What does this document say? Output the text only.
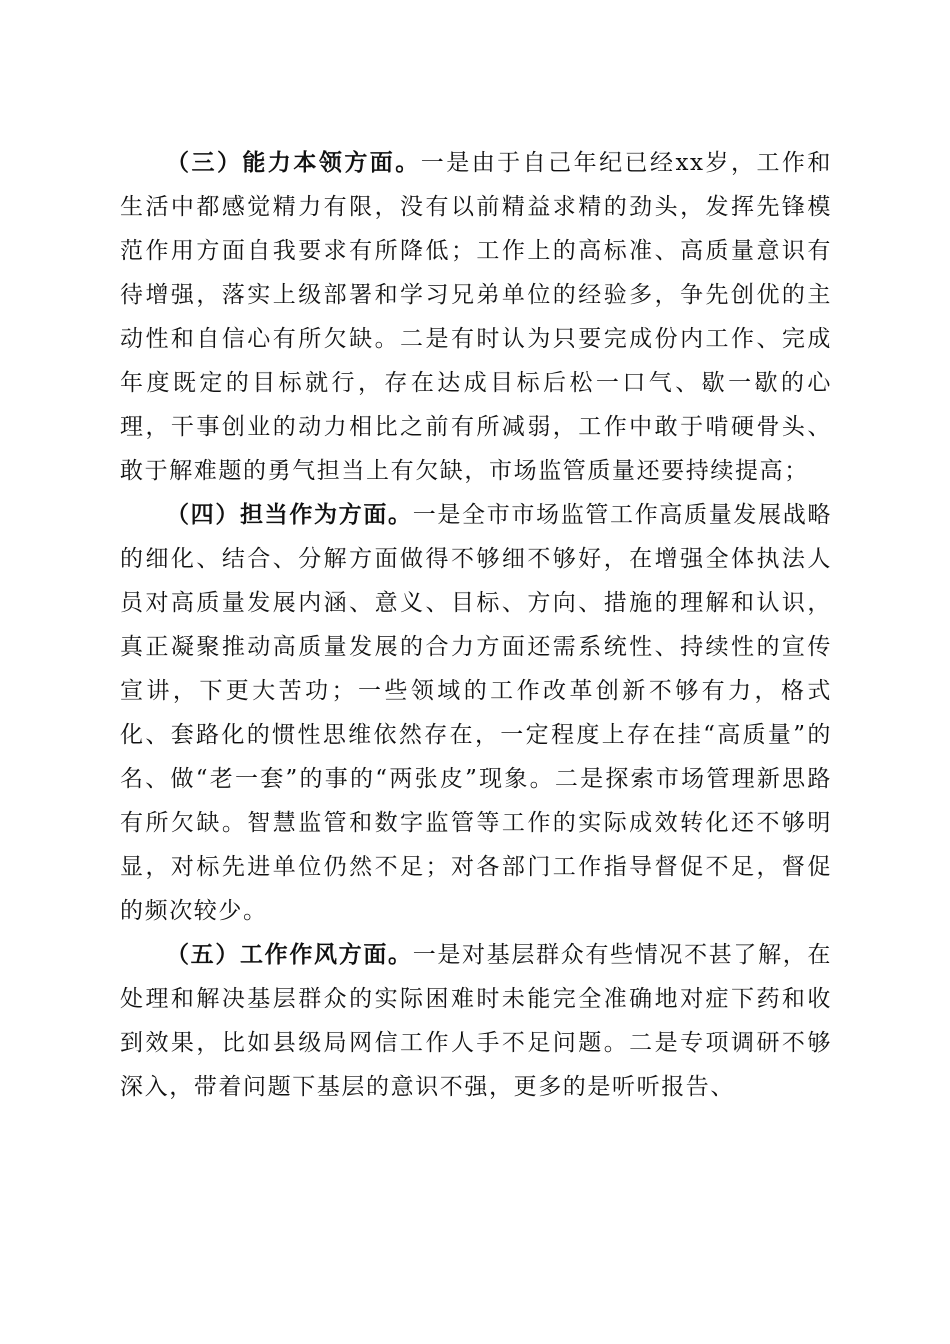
（三）能力本领方面。一是由于自己年纪已经xx岁，工作和生活中都感觉精力有限，没有以前精益求精的劲头，发挥先锋模范作用方面自我要求有所降低；工作上的高标准、高质量意识有待增强，落实上级部署和学习兄弟单位的经验多，争先创优的主动性和自信心有所欠缺。二是有时认为只要完成份内工作、完成年度既定的目标就行，存在达成目标后松一口气、歇一歇的心理，干事创业的动力相比之前有所减弱，工作中敢于啃硬骨头、敢于解难题的勇气担当上有欠缺，市场监管质量还要持续提高；

（四）担当作为方面。一是全市市场监管工作高质量发展战略的细化、结合、分解方面做得不够细不够好，在增强全体执法人员对高质量发展内涵、意义、目标、方向、措施的理解和认识，真正凝聚推动高质量发展的合力方面还需系统性、持续性的宣传宣讲，下更大苦功；一些领域的工作改革创新不够有力，格式化、套路化的惯性思维依然存在，一定程度上存在挂“高质量”的名、做“老一套”的事的“两张皮”现象。二是探索市场管理新思路有所欠缺。智慧监管和数字监管等工作的实际成效转化还不够明显，对标先进单位仍然不足；对各部门工作指导督促不足，督促的频次较少。

（五）工作作风方面。一是对基层群众有些情况不甚了解，在处理和解决基层群众的实际困难时未能完全准确地对症下药和收到效果，比如县级局网信工作人手不足问题。二是专项调研不够深入，带着问题下基层的意识不强，更多的是听听报告、
